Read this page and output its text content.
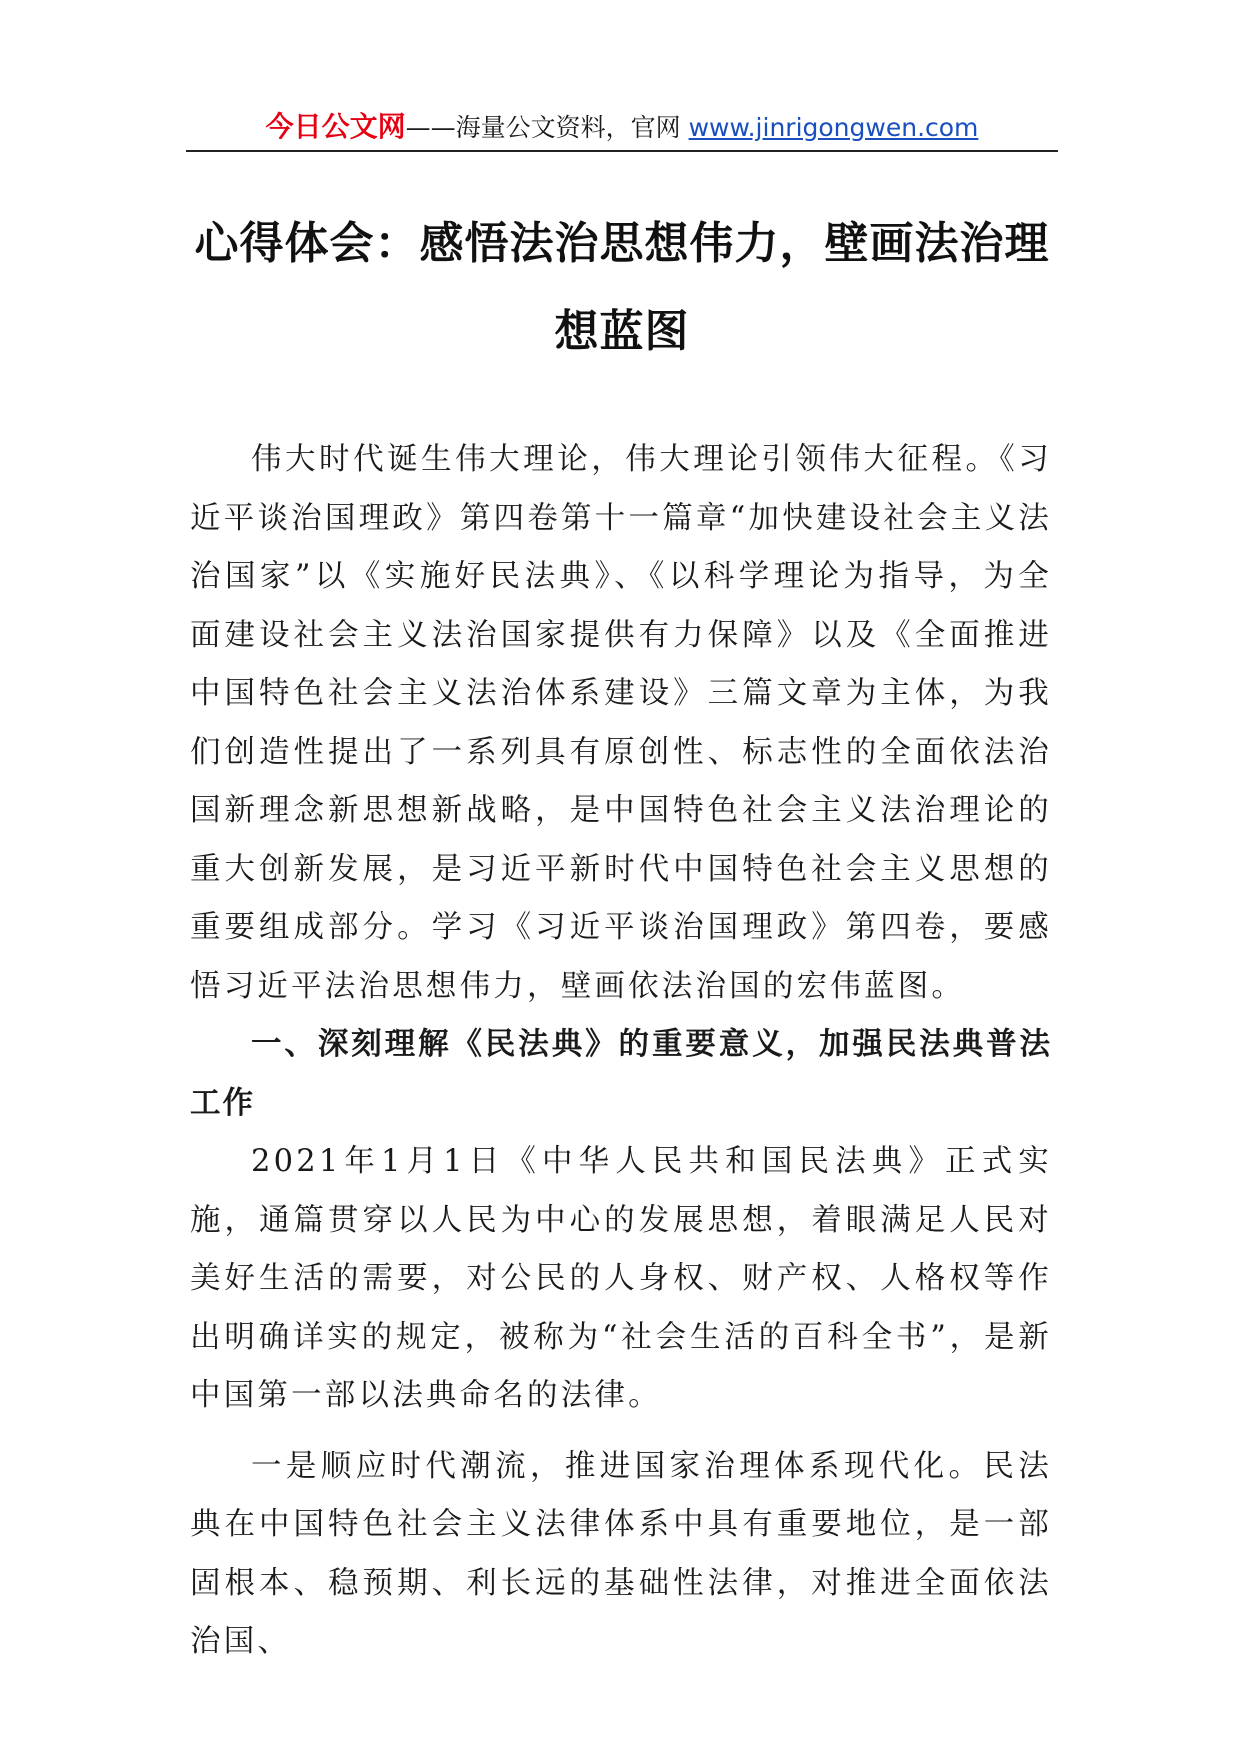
今日公文网——海量公文资料，官网 www.jinrigongwen.com
心得体会：感悟法治思想伟力，壁画法治理想蓝图

伟大时代诞生伟大理论，伟大理论引领伟大征程。《习近平谈治国理政》第四卷第十一篇章“加快建设社会主义法治国家”以《实施好民法典》、《以科学理论为指导，为全面建设社会主义法治国家提供有力保障》以及《全面推进中国特色社会主义法治体系建设》三篇文章为主体，为我们创造性提出了一系列具有原创性、标志性的全面依法治国新理念新思想新战略，是中国特色社会主义法治理论的重大创新发展，是习近平新时代中国特色社会主义思想的重要组成部分。学习《习近平谈治国理政》第四卷，要感悟习近平法治思想伟力，壁画依法治国的宏伟蓝图。

一、深刻理解《民法典》的重要意义，加强民法典普法工作

2021年1月1日《中华人民共和国民法典》正式实施，通篇贯穿以人民为中心的发展思想，着眼满足人民对美好生活的需要，对公民的人身权、财产权、人格权等作出明确详实的规定，被称为“社会生活的百科全书”，是新中国第一部以法典命名的法律。

一是顺应时代潮流，推进国家治理体系现代化。民法典在中国特色社会主义法律体系中具有重要地位，是一部固根本、稳预期、利长远的基础性法律，对推进全面依法治国、
